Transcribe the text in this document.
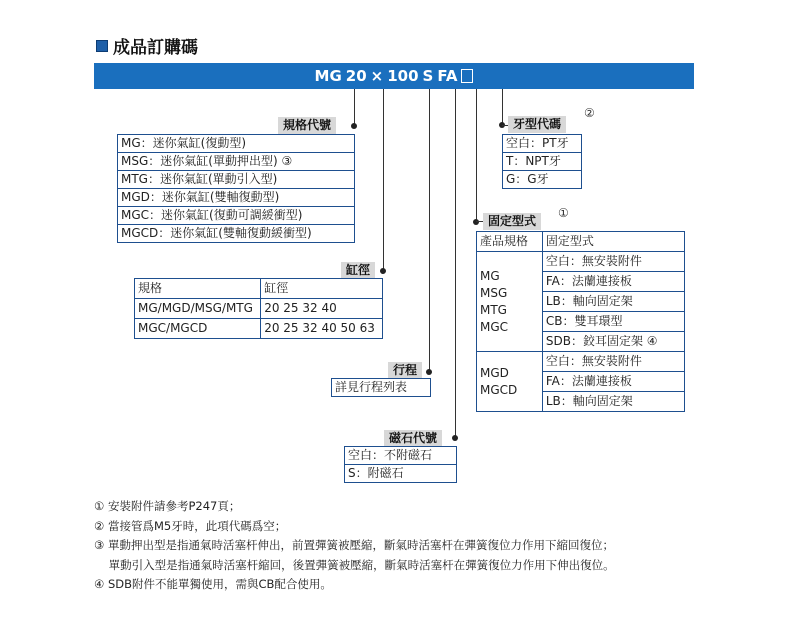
成品訂購碼
MG 20 × 100 S FA
規格代號
MG：迷你氣缸(復動型)
MSG：迷你氣缸(單動押出型) ③
MTG：迷你氣缸(單動引入型)
MGD：迷你氣缸(雙軸復動型)
MGC：迷你氣缸(復動可調緩衝型)
MGCD：迷你氣缸(雙軸復動緩衝型)
缸徑
規格	缸徑
MG/MGD/MSG/MTG	20 25 32 40
MGC/MGCD	20 25 32 40 50 63
行程
詳見行程列表
磁石代號
空白：不附磁石
S：附磁石
牙型代碼
②
空白：PT牙
T：NPT牙
G：G牙
固定型式
①
產品規格	固定型式

MG
MSG
MTG
MGC	空白：無安裝附件
	FA：法蘭連接板
	LB：軸向固定架
	CB：雙耳環型
	SDB：鉸耳固定架 ④

MGD
MGCD	空白：無安裝附件
	FA：法蘭連接板
	LB：軸向固定架
① 安裝附件請參考P247頁；
② 當接管爲M5牙時，此項代碼爲空；
③ 單動押出型是指通氣時活塞杆伸出，前置彈簧被壓縮，斷氣時活塞杆在彈簧復位力作用下縮回復位；
單動引入型是指通氣時活塞杆縮回，後置彈簧被壓縮，斷氣時活塞杆在彈簧復位力作用下伸出復位。
④ SDB附件不能單獨使用，需與CB配合使用。
